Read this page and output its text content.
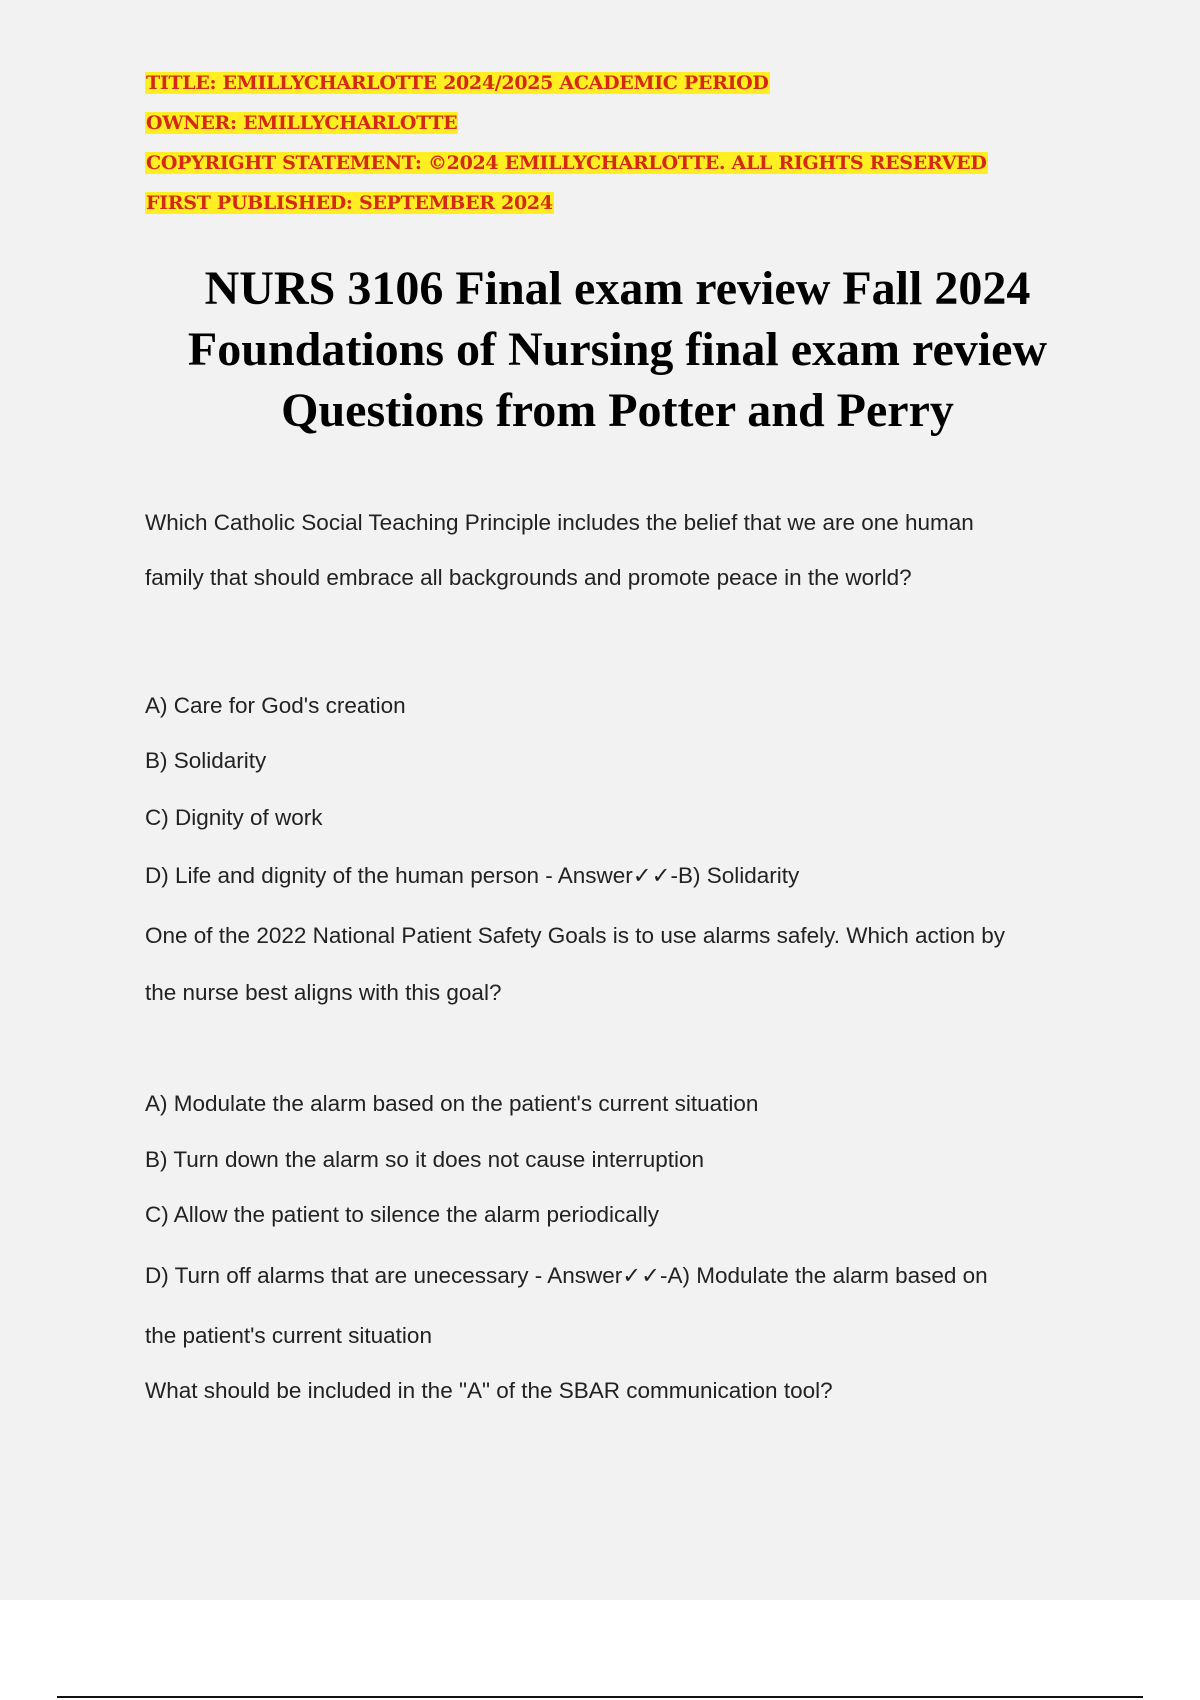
TITLE: EMILLYCHARLOTTE 2024/2025 ACADEMIC PERIOD
OWNER: EMILLYCHARLOTTE
COPYRIGHT STATEMENT: ©2024 EMILLYCHARLOTTE. ALL RIGHTS RESERVED
FIRST PUBLISHED: SEPTEMBER 2024
NURS 3106 Final exam review Fall 2024
Foundations of Nursing final exam review
Questions from Potter and Perry
Which Catholic Social Teaching Principle includes the belief that we are one human
family that should embrace all backgrounds and promote peace in the world?
A) Care for God's creation
B) Solidarity
C) Dignity of work
D) Life and dignity of the human person - Answer✓✓-B) Solidarity
One of the 2022 National Patient Safety Goals is to use alarms safely. Which action by
the nurse best aligns with this goal?
A) Modulate the alarm based on the patient's current situation
B) Turn down the alarm so it does not cause interruption
C) Allow the patient to silence the alarm periodically
D) Turn off alarms that are unecessary - Answer✓✓-A) Modulate the alarm based on
the patient's current situation
What should be included in the "A" of the SBAR communication tool?
